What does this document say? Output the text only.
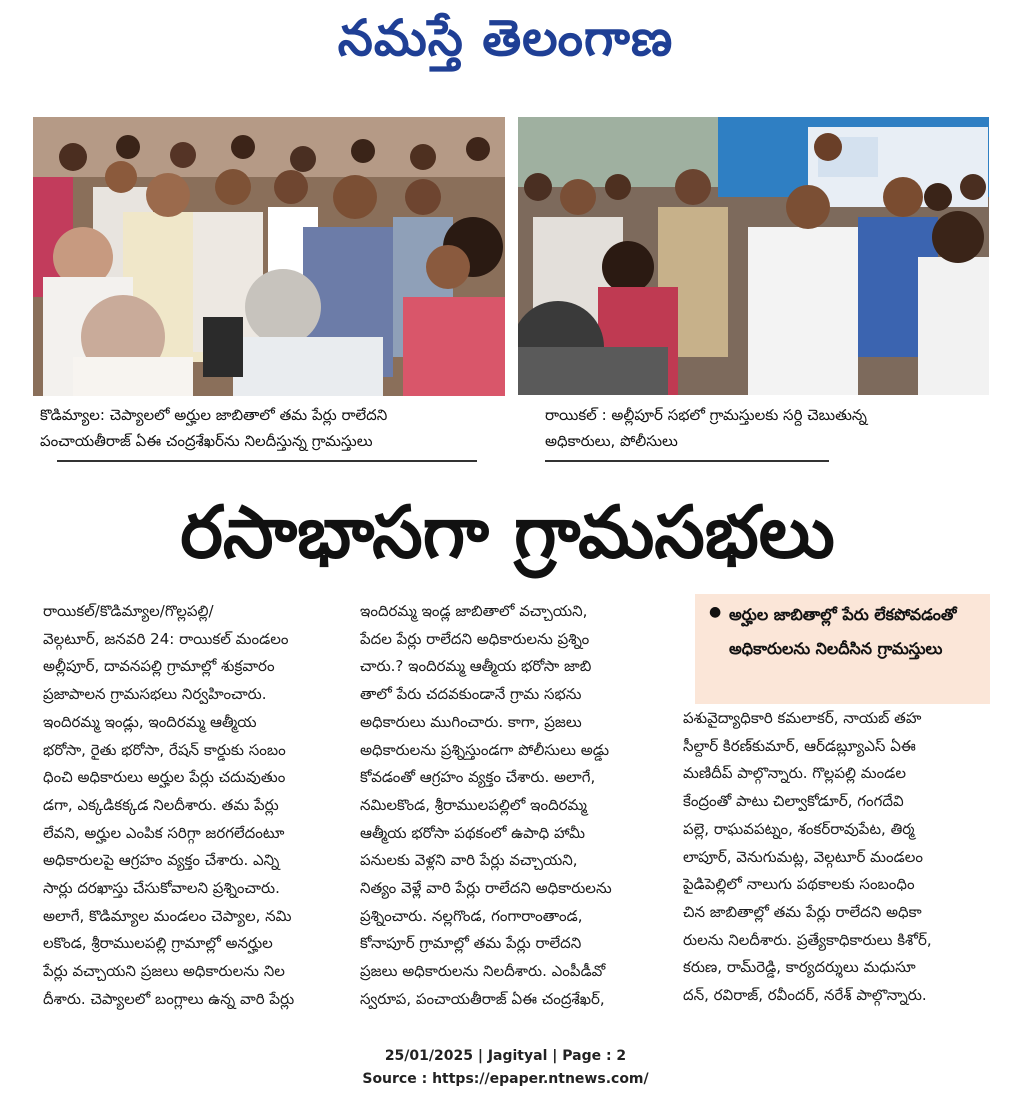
నమస్తే తెలంగాణ
కొడిమ్యాల: చెప్యాలలో అర్హుల జాబితాలో తమ పేర్లు రాలేదని
పంచాయతీరాజ్ ఏఈ చంద్రశేఖర్‌ను నిలదీస్తున్న గ్రామస్తులు
రాయికల్ : అల్లీపూర్ సభలో గ్రామస్తులకు సర్ది చెబుతున్న
అధికారులు, పోలీసులు
రసాభాసగా గ్రామసభలు
రాయికల్/కొడిమ్యాల/గొల్లపల్లి/
వెల్గటూర్, జనవరి 24: రాయికల్ మండలం
అల్లీపూర్, దావనపల్లి గ్రామాల్లో శుక్రవారం
ప్రజాపాలన గ్రామసభలు నిర్వహించారు.
ఇందిరమ్మ ఇండ్లు, ఇందిరమ్మ ఆత్మీయ
భరోసా, రైతు భరోసా, రేషన్ కార్డుకు సంబం
ధించి అధికారులు అర్హుల పేర్లు చదువుతుం
డగా, ఎక్కడికక్కడ నిలదీశారు. తమ పేర్లు
లేవని, అర్హుల ఎంపిక సరిగ్గా జరగలేదంటూ
అధికారులపై ఆగ్రహం వ్యక్తం చేశారు. ఎన్ని
సార్లు దరఖాస్తు చేసుకోవాలని ప్రశ్నించారు.
అలాగే, కొడిమ్యాల మండలం చెప్యాల, నమి
లకొండ, శ్రీరాములపల్లి గ్రామాల్లో అనర్హుల
పేర్లు వచ్చాయని ప్రజలు అధికారులను నిల
దీశారు. చెప్యాలలో బంగ్లాలు ఉన్న వారి పేర్లు
ఇందిరమ్మ ఇండ్ల జాబితాలో వచ్చాయని,
పేదల పేర్లు రాలేదని అధికారులను ప్రశ్నిం
చారు.? ఇందిరమ్మ ఆత్మీయ భరోసా జాబి
తాలో పేరు చదవకుండానే గ్రామ సభను
అధికారులు ముగించారు. కాగా, ప్రజలు
అధికారులను ప్రశ్నిస్తుండగా పోలీసులు అడ్డు
కోవడంతో ఆగ్రహం వ్యక్తం చేశారు. అలాగే,
నమిలకొండ, శ్రీరాములపల్లిలో ఇందిరమ్మ
ఆత్మీయ భరోసా పథకంలో ఉపాధి హామీ
పనులకు వెళ్లని వారి పేర్లు వచ్చాయని,
నిత్యం వెళ్లే వారి పేర్లు రాలేదని అధికారులను
ప్రశ్నించారు. నల్లగొండ, గంగారాంతాండ,
కోనాపూర్ గ్రామాల్లో తమ పేర్లు రాలేదని
ప్రజలు అధికారులను నిలదీశారు. ఎంపీడీవో
స్వరూప, పంచాయతీరాజ్ ఏఈ చంద్రశేఖర్,
● అర్హుల జాబితాల్లో పేరు లేకపోవడంతో అధికారులను నిలదీసిన గ్రామస్తులు
పశువైద్యాధికారి కమలాకర్, నాయబ్ తహ
సీల్దార్ కిరణ్‌కుమార్, ఆర్‌డబ్ల్యూఎస్ ఏఈ
మణిదీప్ పాల్గొన్నారు. గొల్లపల్లి మండల
కేంద్రంతో పాటు చిల్వాకోడూర్, గంగదేవి
పల్లె, రాఘవపట్నం, శంకర్‌రావుపేట, తిర్మ
లాపూర్, వెనుగుమట్ల, వెల్గటూర్ మండలం
పైడిపెల్లిలో నాలుగు పథకాలకు సంబంధిం
చిన జాబితాల్లో తమ పేర్లు రాలేదని అధికా
రులను నిలదీశారు. ప్రత్యేకాధికారులు కిశోర్,
కరుణ, రామ్‌రెడ్డి, కార్యదర్శులు మధుసూ
దన్, రవిరాజ్, రవీందర్, నరేశ్ పాల్గొన్నారు.
25/01/2025 | Jagityal | Page : 2
Source : https://epaper.ntnews.com/
